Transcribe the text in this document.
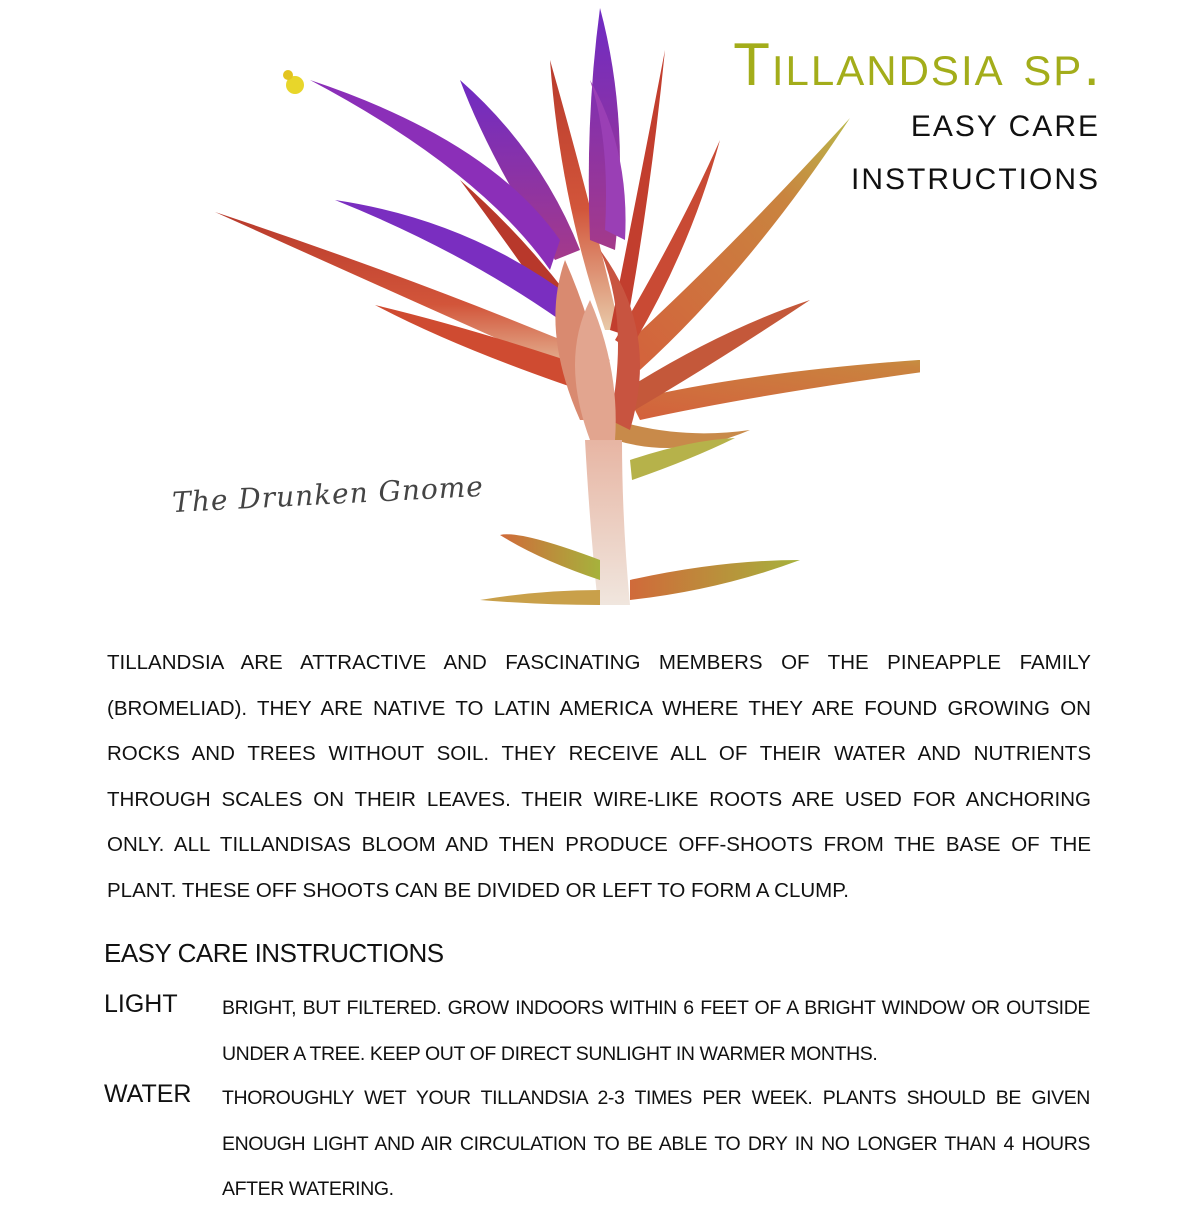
Tillandsia sp.
EASY CARE
INSTRUCTIONS
The Drunken Gnome
TILLANDSIA ARE ATTRACTIVE AND FASCINATING MEMBERS OF THE PINEAPPLE FAMILY (BROMELIAD). THEY ARE NATIVE TO LATIN AMERICA WHERE THEY ARE FOUND GROWING ON ROCKS AND TREES WITHOUT SOIL. THEY RECEIVE ALL OF THEIR WATER AND NUTRIENTS THROUGH SCALES ON THEIR LEAVES. THEIR WIRE-LIKE ROOTS ARE USED FOR ANCHORING ONLY. ALL TILLANDISAS BLOOM AND THEN PRODUCE OFF-SHOOTS FROM THE BASE OF THE PLANT. THESE OFF SHOOTS CAN BE DIVIDED OR LEFT TO FORM A CLUMP.
EASY CARE INSTRUCTIONS
LIGHT BRIGHT, BUT FILTERED. GROW INDOORS WITHIN 6 FEET OF A BRIGHT WINDOW OR OUTSIDE UNDER A TREE. KEEP OUT OF DIRECT SUNLIGHT IN WARMER MONTHS.
WATER THOROUGHLY WET YOUR TILLANDSIA 2-3 TIMES PER WEEK. PLANTS SHOULD BE GIVEN ENOUGH LIGHT AND AIR CIRCULATION TO BE ABLE TO DRY IN NO LONGER THAN 4 HOURS AFTER WATERING.
